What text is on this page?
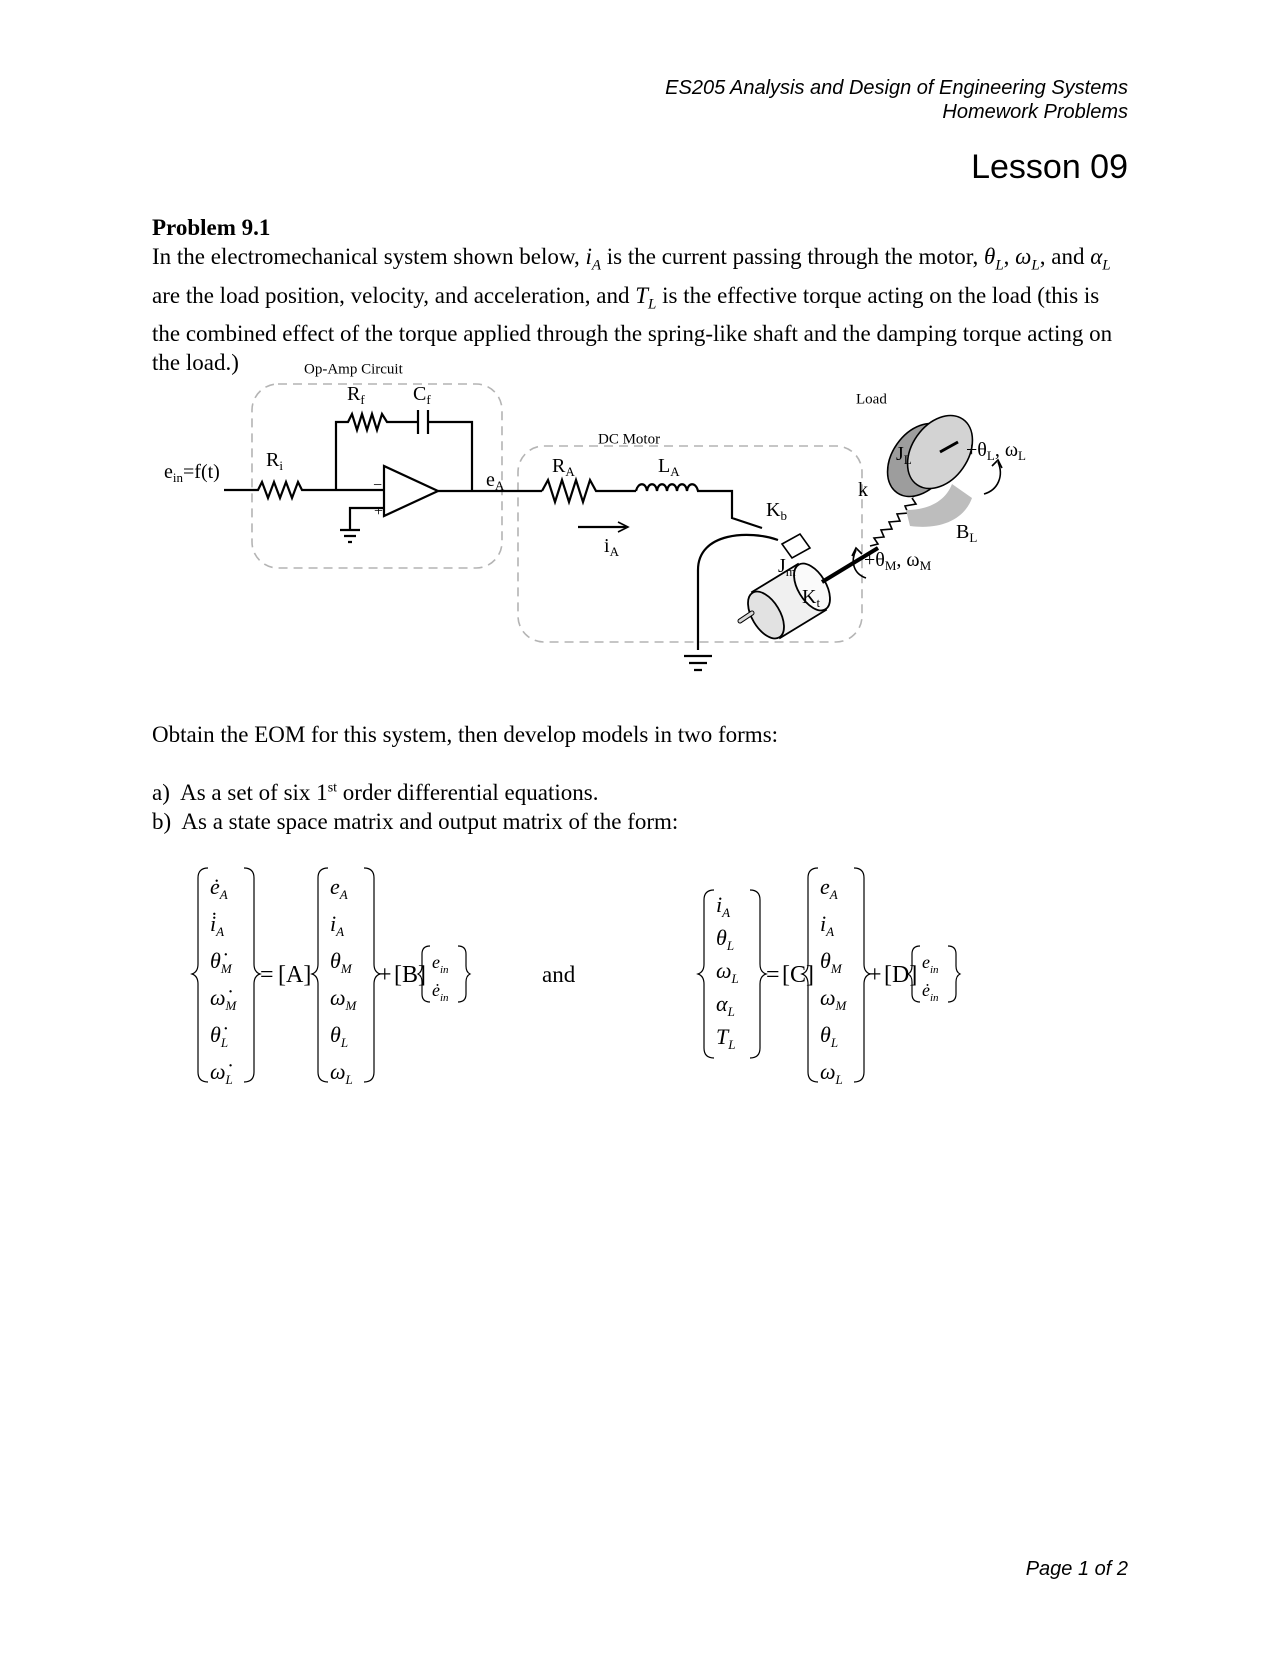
ES205 Analysis and Design of Engineering Systems
Homework Problems
Lesson 09
Problem 9.1
In the electromechanical system shown below, $i_A$ is the current passing through the motor, $\theta_L$, $\omega_L$, and $\alpha_L$ are the load position, velocity, and acceleration, and $T_L$ is the effective torque acting on the load (this is the combined effect of the torque applied through the spring-like shaft and the damping torque acting on the load.)	Op-Amp Circuit
DC Motor
Load
$e_{in}=f(t)$
$R_i$
$R_f$ $C_f$
−
+
$e_A$
$R_A$	$L_A$
$i_A$
$K_b$
$J_m$
$K_t$
k
$J_L$
$B_L$
$+\theta_L$, $\omega_L$
$+\theta_M$, $\omega_M$
Obtain the EOM for this system, then develop models in two forms:
a) As a set of six 1st order differential equations.
b) As a state space matrix and output matrix of the form:
$ė_A$
$i̇_A$
$\thetȧ_M$
$\omegȧ_M$
$\thetȧ_L$
$\omegȧ_L$
$e_A$
$i_A$
$\theta_M$
$\omega_M$
$\theta_L$
$\omega_L$
$e_{in}$
$ė_{in}$
$i_A$
$\theta_L$
$\omega_L$
$\alpha_L$
$T_L$
$e_A$
$i_A$
$\theta_M$
$\omega_M$
$\theta_L$
$\omega_L$
$e_{in}$
$ė_{in}$
= [A]	+ [B]	and	= [C] + [D]
Page 1 of 2
